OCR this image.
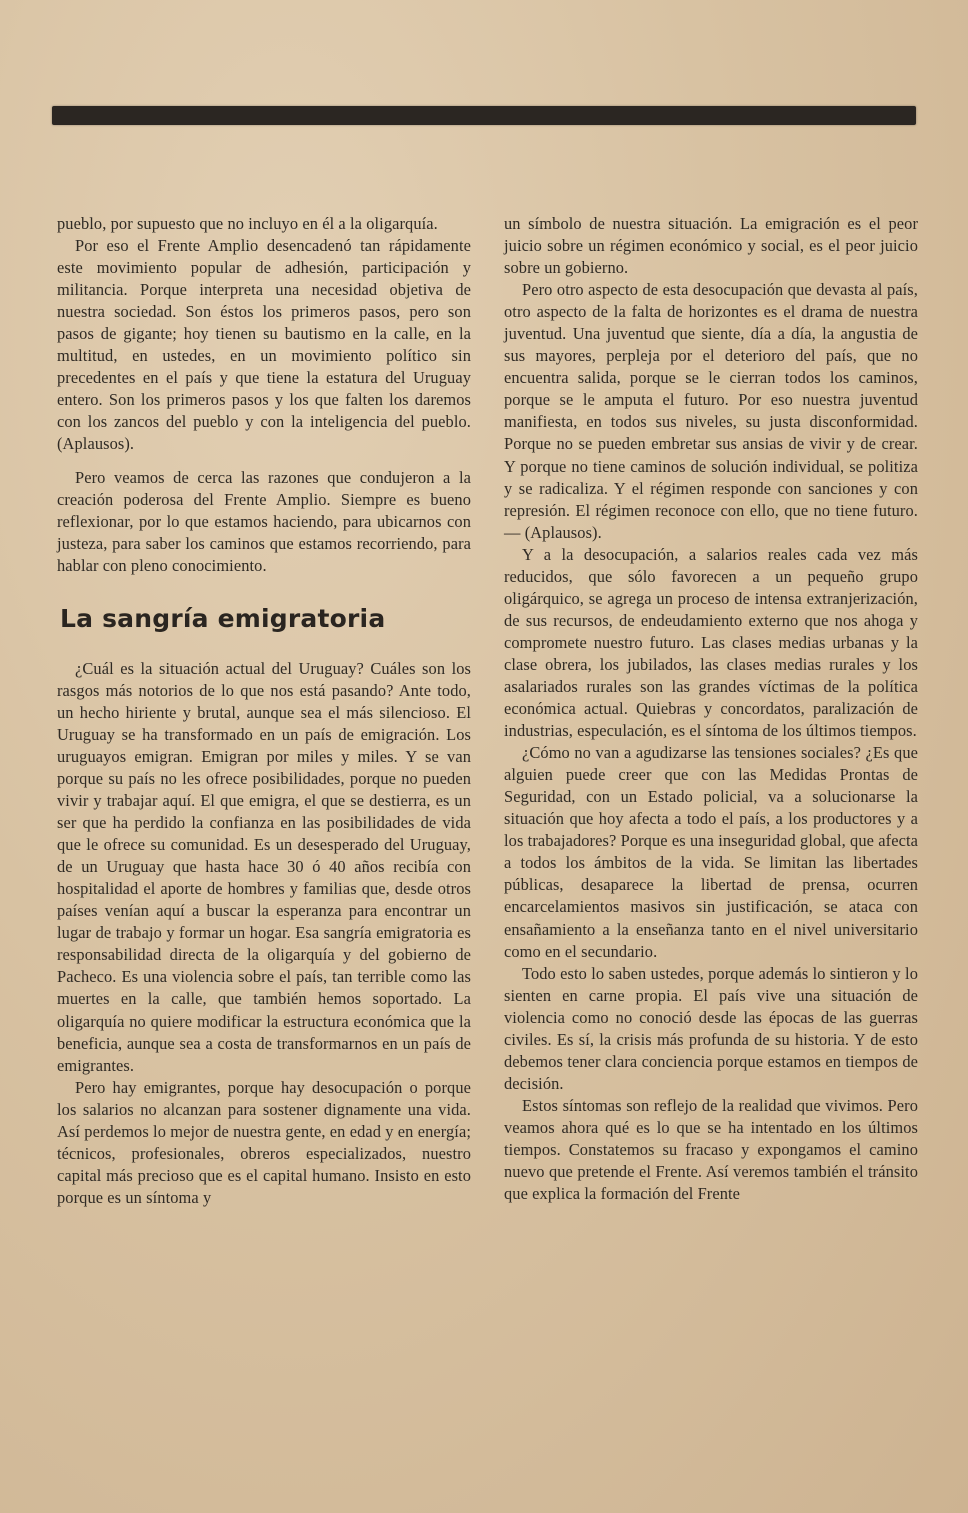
pueblo, por supuesto que no incluyo en él a la oligarquía.

Por eso el Frente Amplio desencadenó tan rápidamente este movimiento popular de adhesión, participación y militancia. Porque interpreta una necesidad objetiva de nuestra sociedad. Son éstos los primeros pasos, pero son pasos de gigante; hoy tienen su bautismo en la calle, en la multitud, en ustedes, en un movimiento político sin precedentes en el país y que tiene la estatura del Uruguay entero. Son los primeros pasos y los que falten los daremos con los zancos del pueblo y con la inteligencia del pueblo. (Aplausos).

Pero veamos de cerca las razones que condujeron a la creación poderosa del Frente Amplio. Siempre es bueno reflexionar, por lo que estamos haciendo, para ubicarnos con justeza, para saber los caminos que estamos recorriendo, para hablar con pleno conocimiento.

La sangría emigratoria

¿Cuál es la situación actual del Uruguay? Cuáles son los rasgos más notorios de lo que nos está pasando? Ante todo, un hecho hiriente y brutal, aunque sea el más silencioso. El Uruguay se ha transformado en un país de emigración. Los uruguayos emigran. Emigran por miles y miles. Y se van porque su país no les ofrece posibilidades, porque no pueden vivir y trabajar aquí. El que emigra, el que se destierra, es un ser que ha perdido la confianza en las posibilidades de vida que le ofrece su comunidad. Es un desesperado del Uruguay, de un Uruguay que hasta hace 30 ó 40 años recibía con hospitalidad el aporte de hombres y familias que, desde otros países venían aquí a buscar la esperanza para encontrar un lugar de trabajo y formar un hogar. Esa sangría emigratoria es responsabilidad directa de la oligarquía y del gobierno de Pacheco. Es una violencia sobre el país, tan terrible como las muertes en la calle, que también hemos soportado. La oligarquía no quiere modificar la estructura económica que la beneficia, aunque sea a costa de transformarnos en un país de emigrantes.

Pero hay emigrantes, porque hay desocupación o porque los salarios no alcanzan para sostener dignamente una vida. Así perdemos lo mejor de nuestra gente, en edad y en energía; técnicos, profesionales, obreros especializados, nuestro capital más precioso que es el capital humano. Insisto en esto porque es un síntoma y

un símbolo de nuestra situación. La emigración es el peor juicio sobre un régimen económico y social, es el peor juicio sobre un gobierno.

Pero otro aspecto de esta desocupación que devasta al país, otro aspecto de la falta de horizontes es el drama de nuestra juventud. Una juventud que siente, día a día, la angustia de sus mayores, perpleja por el deterioro del país, que no encuentra salida, porque se le cierran todos los caminos, porque se le amputa el futuro. Por eso nuestra juventud manifiesta, en todos sus niveles, su justa disconformidad. Porque no se pueden embretar sus ansias de vivir y de crear. Y porque no tiene caminos de solución individual, se politiza y se radicaliza. Y el régimen responde con sanciones y con represión. El régimen reconoce con ello, que no tiene futuro. — (Aplausos).

Y a la desocupación, a salarios reales cada vez más reducidos, que sólo favorecen a un pequeño grupo oligárquico, se agrega un proceso de intensa extranjerización, de sus recursos, de endeudamiento externo que nos ahoga y compromete nuestro futuro. Las clases medias urbanas y la clase obrera, los jubilados, las clases medias rurales y los asalariados rurales son las grandes víctimas de la política económica actual. Quiebras y concordatos, paralización de industrias, especulación, es el síntoma de los últimos tiempos.

¿Cómo no van a agudizarse las tensiones sociales? ¿Es que alguien puede creer que con las Medidas Prontas de Seguridad, con un Estado policial, va a solucionarse la situación que hoy afecta a todo el país, a los productores y a los trabajadores? Porque es una inseguridad global, que afecta a todos los ámbitos de la vida. Se limitan las libertades públicas, desaparece la libertad de prensa, ocurren encarcelamientos masivos sin justificación, se ataca con ensañamiento a la enseñanza tanto en el nivel universitario como en el secundario.

Todo esto lo saben ustedes, porque además lo sintieron y lo sienten en carne propia. El país vive una situación de violencia como no conoció desde las épocas de las guerras civiles. Es sí, la crisis más profunda de su historia. Y de esto debemos tener clara conciencia porque estamos en tiempos de decisión.

Estos síntomas son reflejo de la realidad que vivimos. Pero veamos ahora qué es lo que se ha intentado en los últimos tiempos. Constatemos su fracaso y expongamos el camino nuevo que pretende el Frente. Así veremos también el tránsito que explica la formación del Frente
